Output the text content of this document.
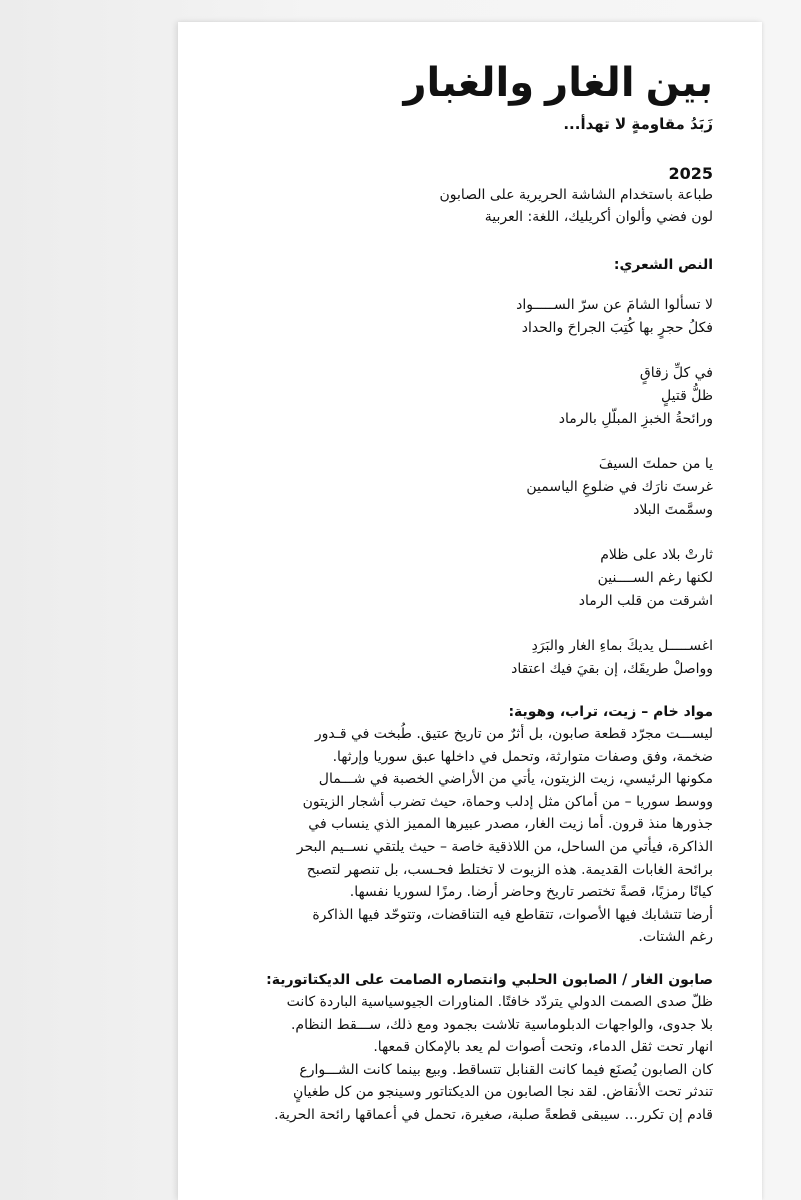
بين الغار والغبار
زَبَدُ مقاومةٍ لا تهدأ...
2025
طباعة باستخدام الشاشة الحريرية على الصابون
لون فضي وألوان أكريليك، اللغة: العربية
النص الشعري:
لا تسألوا الشامَ عن سرّ الســـــواد
فكلُ حجرٍ بها كُتِبَ الجراحَ والحداد
في كلِّ زقاقٍ
ظلُّ قتيلٍ
ورائحةُ الخبزِ المبلّلِ بالرماد
يا من حملتَ السيفَ
غرستَ نارَك في ضلوعِ الياسمين
وسمَّمتَ البلاد
ثارتْ بلاد على ظلام
لكنها رغم الســــنين
اشرقت من قلب الرماد
اغســـــل يديكَ بماءِ الغار والبَرَدِ
وواصلْ طريقَك، إن بقيَ فيك اعتقاد
مواد خام – زيت، تراب، وهوية:
ليســـت مجرّد قطعة صابون، بل أثرٌ من تاريخ عتيق. طُبخت في قـدور
ضخمة، وفق وصفات متوارثة، وتحمل في داخلها عبق سوريا وإرثها.
مكونها الرئيسي، زيت الزيتون، يأتي من الأراضي الخصبة في شـــمال
ووسط سوريا – من أماكن مثل إدلب وحماة، حيث تضرب أشجار الزيتون
جذورها منذ قرون. أما زيت الغار، مصدر عبيرها المميز الذي ينساب في
الذاكرة، فيأتي من الساحل، من اللاذقية خاصة – حيث يلتقي نســيم البحر
برائحة الغابات القديمة. هذه الزيوت لا تختلط فحـسب، بل تنصهر لتصبح
كيانًا رمزيًا، قصةً تختصر تاريخ وحاضر أرضا. رمزًا لسوريا نفسها.
أرضا تتشابك فيها الأصوات، تتقاطع فيه التناقضات، وتتوحّد فيها الذاكرة
رغم الشتات.
صابون الغار / الصابون الحلبي وانتصاره الصامت على الديكتاتورية:
ظلّ صدى الصمت الدولي يتردّد خافتًا. المناورات الجيوسياسية الباردة كانت
بلا جدوى، والواجهات الدبلوماسية تلاشت بجمود ومع ذلك، ســـقط النظام.
انهار تحت ثقل الدماء، وتحت أصوات لم يعد بالإمكان قمعها.
كان الصابون يُصنَع فيما كانت القنابل تتساقط. وبيع بينما كانت الشـــوارع
تندثر تحت الأنقاض. لقد نجا الصابون من الديكتاتور وسينجو من كل طغيانٍ
قادم إن تكرر... سيبقى قطعةً صلبة، صغيرة، تحمل في أعماقها رائحة الحرية.
